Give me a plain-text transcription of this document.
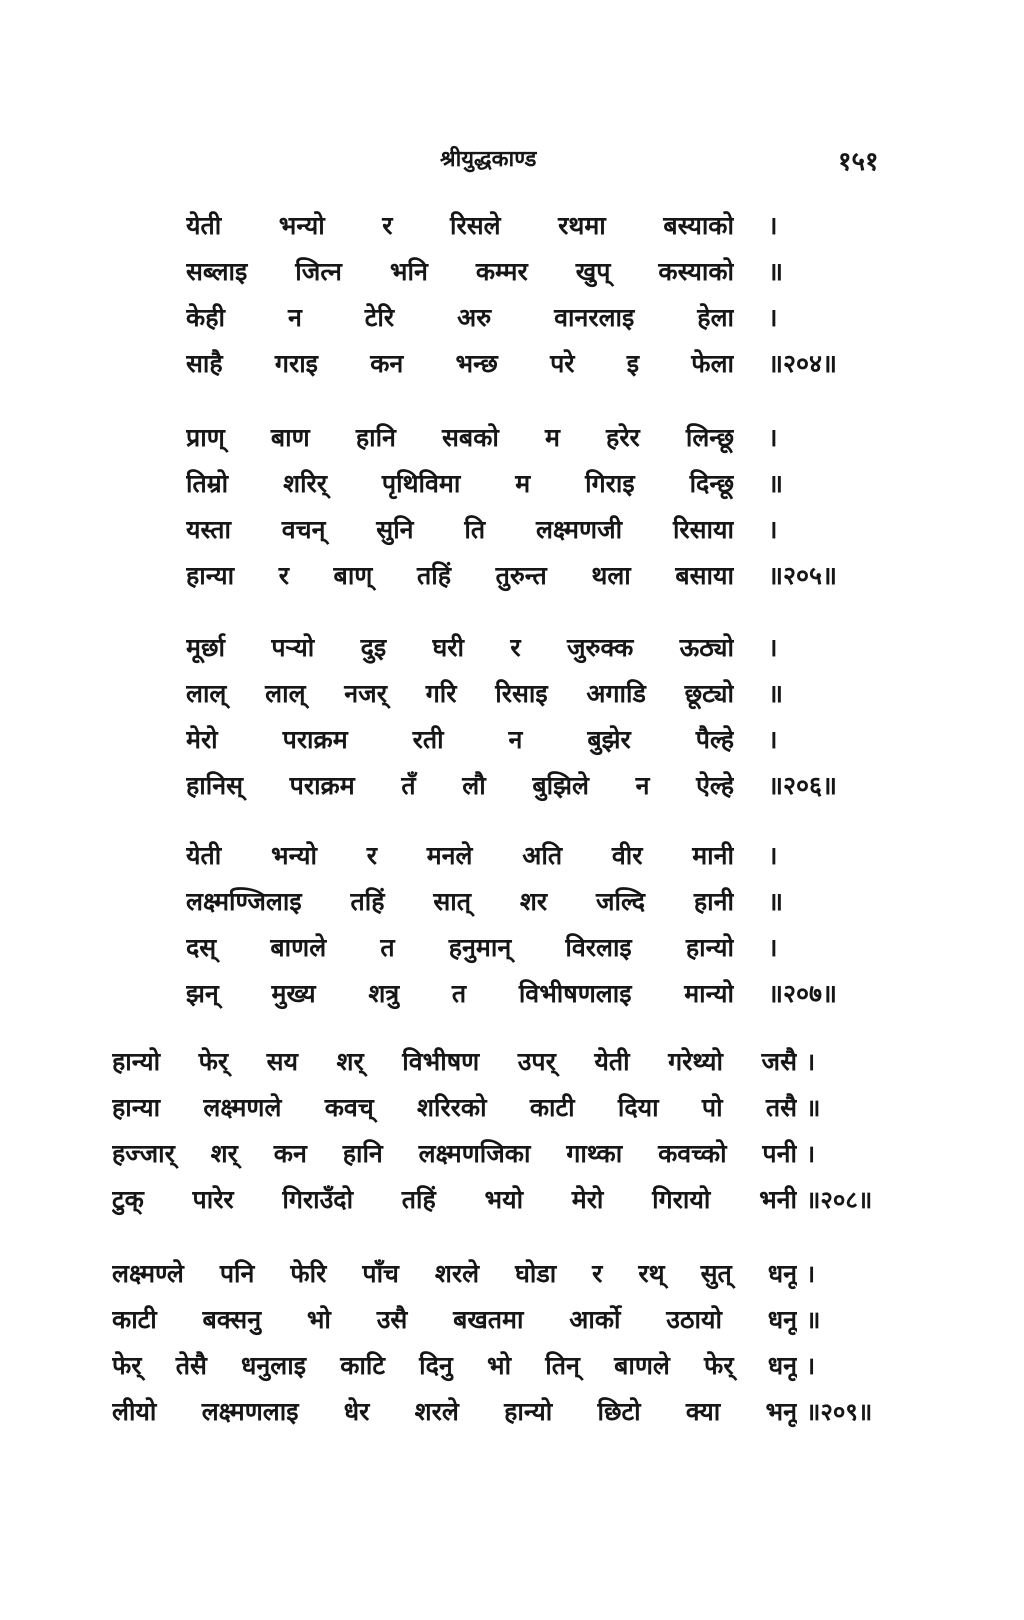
श्रीयुद्धकाण्ड	१५१
येती भन्यो र रिसले रथमा बस्याको	।
सब्लाइ जित्न भनि कम्मर खुप् कस्याको	॥
केही न टेरि अरु वानरलाइ हेला	।
साहै गराइ कन भन्छ परे इ फेला	॥२०४॥
प्राण् बाण हानि सबको म हरेर लिन्छू	।
तिम्रो शरिर् पृथिविमा म गिराइ दिन्छू	॥
यस्ता वचन् सुनि ति लक्ष्मणजी रिसाया	।
हान्या र बाण् तहिं तुरुन्त थला बसाया	॥२०५॥
मूर्छा पऱ्यो दुइ घरी र जुरुक्क ऊठ्यो	।
लाल् लाल् नजर् गरि रिसाइ अगाडि छूट्यो	॥
मेरो पराक्रम रती न बुझेर पैल्हे	।
हानिस् पराक्रम तँ लौ बुझिले न ऐल्हे	॥२०६॥
येती भन्यो र मनले अति वीर मानी	।
लक्ष्मण्जिलाइ तहिं सात् शर जल्दि हानी	॥
दस् बाणले त हनुमान् विरलाइ हान्यो	।
झन् मुख्य शत्रु त विभीषणलाइ मान्यो	॥२०७॥
हान्यो फेर् सय शर् विभीषण उपर् येती गरेथ्यो जसै ।
हान्या लक्ष्मणले कवच् शरिरको काटी दिया पो तसै ॥
हज्जार् शर् कन हानि लक्ष्मणजिका गाथ्का कवच्को पनी ।
टुक् पारेर गिराउँदो तहिं भयो मेरो गिरायो भनी ॥२०८॥
लक्ष्मण्ले पनि फेरि पाँच शरले घोडा र रथ् सुत् धनू ।
काटी बक्सनु भो उसै बखतमा आर्को उठायो धनू ॥
फेर् तेसै धनुलाइ काटि दिनु भो तिन् बाणले फेर् धनू ।
लीयो लक्ष्मणलाइ धेर शरले हान्यो छिटो क्या भनू ॥२०९॥
